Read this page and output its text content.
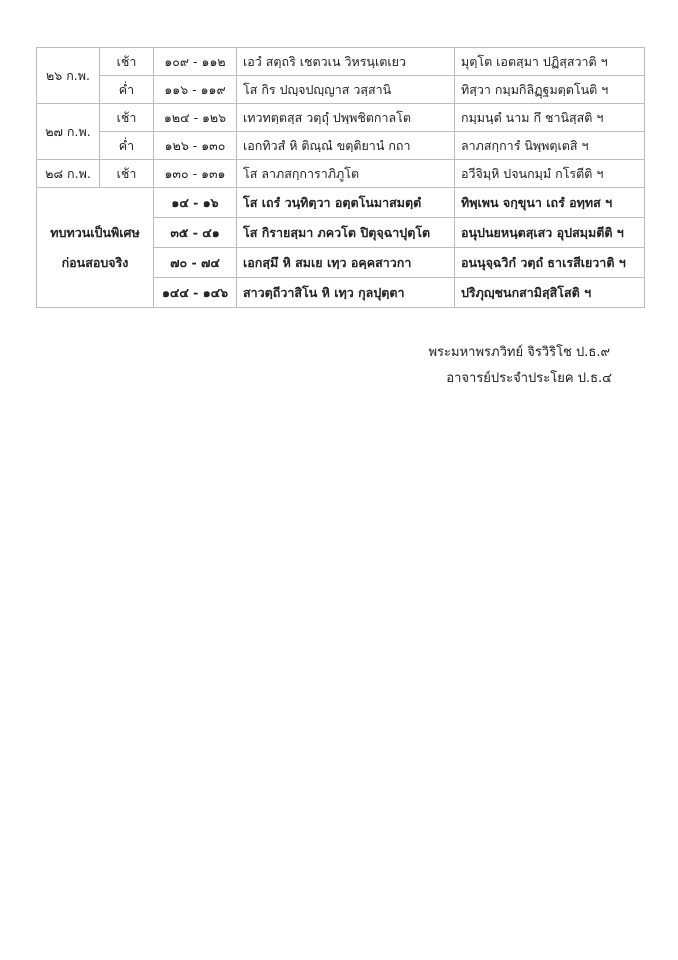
๒๖ ก.พ.	เช้า	๑๐๙ - ๑๑๒	เอวํ สตฺถริ เชตวเน วิหรนฺเตเยว	มุตฺโต เอตสฺมา ปฏิสฺสวาติ ฯ
	ค่ำ	๑๑๖ - ๑๑๙	โส กิร ปญฺจปญฺญาส วสฺสานิ	ทิสฺวา กมฺมกิลิฏฺฐมตฺตโนติ ฯ
๒๗ ก.พ.	เช้า	๑๒๔ - ๑๒๖	เทวทตฺตสฺส วตฺถุํ ปพฺพชิตกาลโต	กมฺมนฺตํ นาม กึ ชานิสฺสติ ฯ
	ค่ำ	๑๒๖ - ๑๓๐	เอกทิวสํ หิ ติณฺณํ ขตฺติยานํ กถา	ลาภสกฺการํ นิพฺพตฺเตสิ ฯ
๒๘ ก.พ.	เช้า	๑๓๐ - ๑๓๑	โส ลาภสกฺการาภิภูโต	อวีจิมฺหิ ปจนกมฺมํ กโรตีติ ฯ
ทบทวนเป็นพิเศษ
ก่อนสอบจริง		๑๔ - ๑๖	โส เถรํ วนฺทิตฺวา อตฺตโนมาสมตฺตํ	ทิพฺเพน จกฺขุนา เถรํ อทฺทส ฯ
		๓๕ - ๔๑	โส กิรายสฺมา ภควโต ปิตุจฺฉาปุตฺโต	อนุปนยหนฺตสฺเสว อุปสมฺมตีติ ฯ
		๗๐ - ๗๔	เอกสฺมึ หิ สมเย เทฺว อคฺคสาวกา	อนนุจฺฉวิกํ วตฺถํ ธาเรสีเยวาติ ฯ
		๑๔๔ - ๑๔๖	สาวตฺถีวาสิโน หิ เทฺว กุลปุตฺตา	ปริภุญฺชนกสามิสฺสิโสติ ฯ
พระมหาพรภวิทย์ จิรวิริโช ป.ธ.๙
อาจารย์ประจำประโยค ป.ธ.๔
